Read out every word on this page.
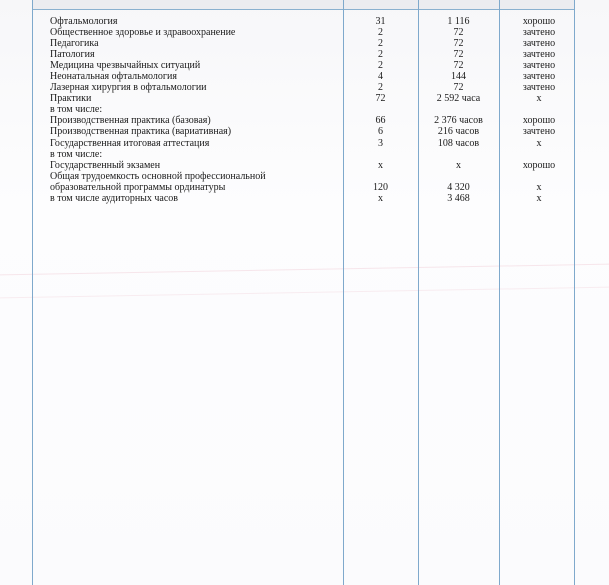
Офтальмология	31	1 116	хорошо
Общественное здоровье и здравоохранение	2	72	зачтено
Педагогика	2	72	зачтено
Патология	2	72	зачтено
Медицина чрезвычайных ситуаций	2	72	зачтено
Неонатальная офтальмология	4	144	зачтено
Лазерная хирургия в офтальмологии	2	72	зачтено
Практики	72	2 592 часа	х
в том числе:
Производственная практика (базовая)	66	2 376 часов	хорошо
Производственная практика (вариативная)	6	216 часов	зачтено
Государственная итоговая аттестация	3	108 часов	х
в том числе:
Государственный экзамен	х	х	хорошо
Общая трудоемкость основной профессиональной
образовательной программы ординатуры	120	4 320	х
в том числе аудиторных часов	х	3 468	х
